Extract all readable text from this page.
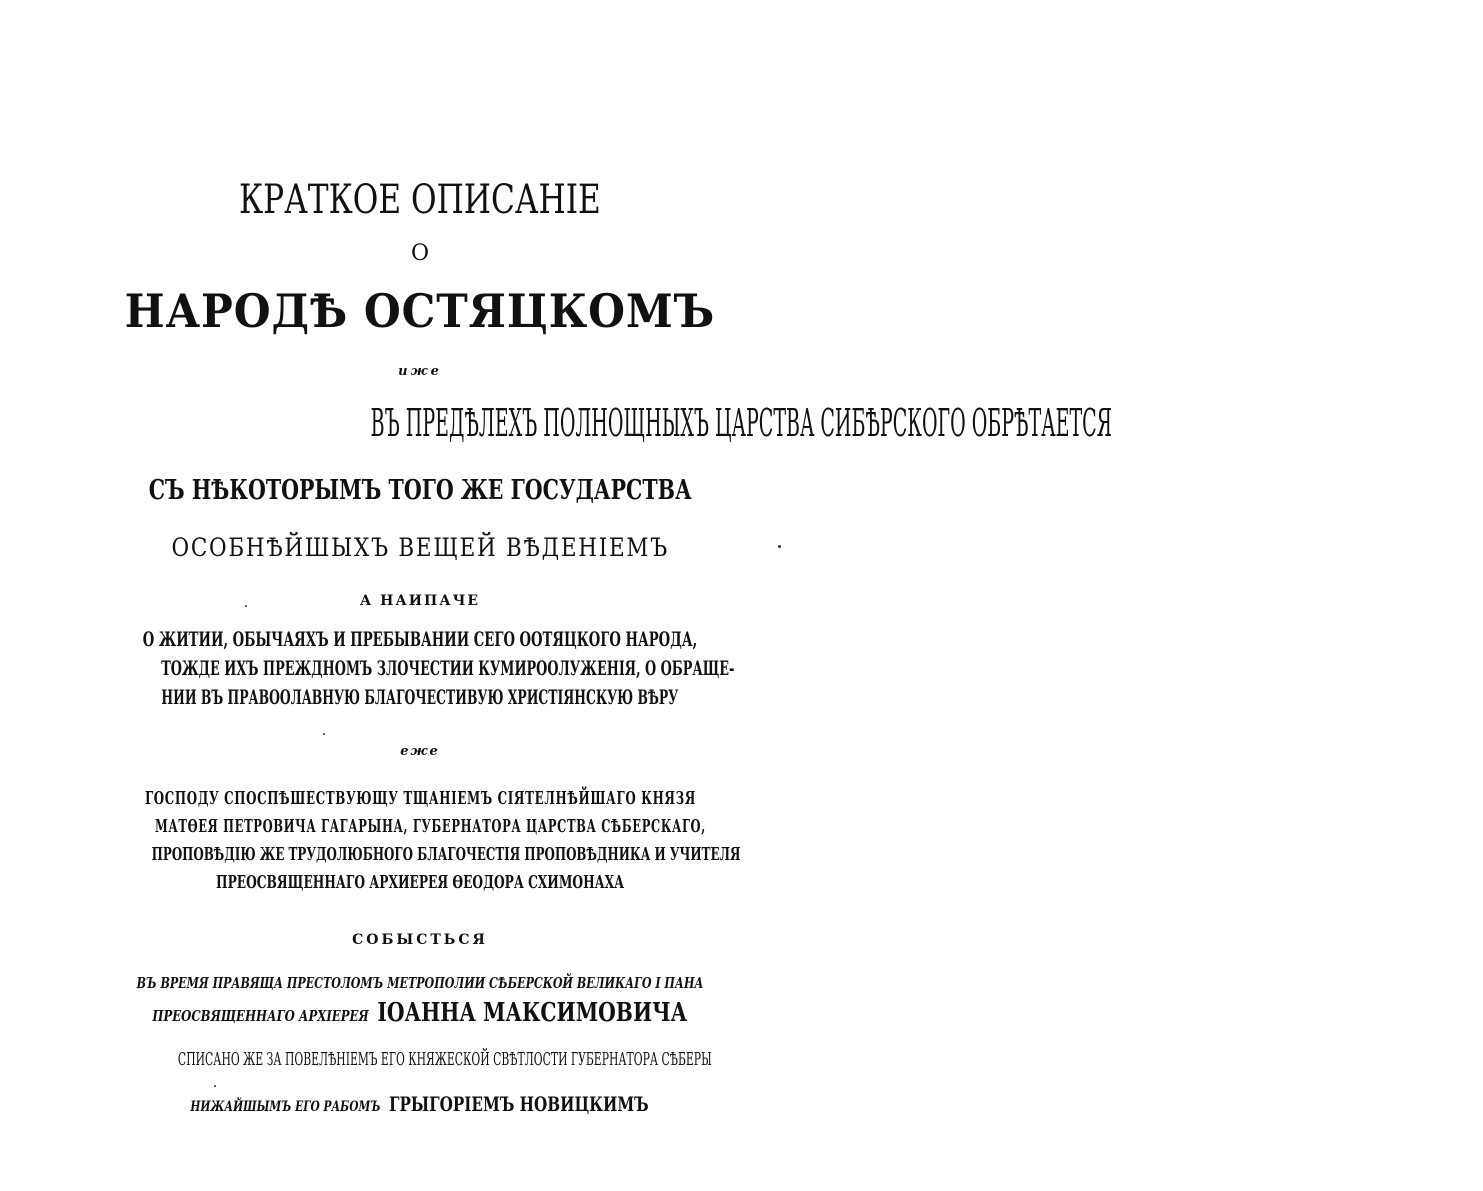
КРАТКОЕ ОПИСАНІЕ
О
НАРОДѢ ОСТЯЦКОМЪ
иже
ВЪ ПРЕДѢЛЕХЪ ПОЛНОЩНЫХЪ ЦАРСТВА СИБѢРСКОГО ОБРѢТАЕТСЯ
СЪ НѢКОТОРЫМЪ ТОГО ЖЕ ГОСУДАРСТВА
ОСОБНѢЙШЫХЪ ВЕЩЕЙ ВѢДЕНІЕМЪ
А НАИПАЧЕ
О ЖИТИИ, ОБЫЧАЯХЪ И ПРЕБЫВАНИИ СЕГО ООТЯЦКОГО НАРОДА,
ТОЖДЕ ИХЪ ПРЕЖДНОМЪ ЗЛОЧЕСТИИ КУМИРООЛУЖЕНІЯ, О ОБРАЩЕ-
НИИ ВЪ ПРАВООЛАВНУЮ БЛАГОЧЕСТИВУЮ ХРИСТІЯНСКУЮ ВѢРУ
еже
ГОСПОДУ СПОСПѢШЕСТВУЮЩУ ТЩАНІЕМЪ СІЯТЕЛНѢЙШАГО КНЯЗЯ
МАТѲЕЯ ПЕТРОВИЧА ГАГАРЫНА, ГУБЕРНАТОРА ЦАРСТВА СѢБЕРСКАГО,
ПРОПОВѢДІЮ ЖЕ ТРУДОЛЮБНОГО БЛАГОЧЕСТІЯ ПРОПОВѢДНИКА И УЧИТЕЛЯ
ПРЕОСВЯЩЕННАГО АРХИЕРЕЯ ѲЕОДОРА СХИМОНАХА
СОБЫСТЬСЯ
ВЪ ВРЕМЯ ПРАВЯЩА ПРЕСТОЛОМЪ МЕТРОПОЛИИ СѢБЕРСКОЙ ВЕЛИКАГО І ПАНА
ПРЕОСВЯЩЕННАГО АРХІЕРЕЯ ІОАННА МАКСИМОВИЧА
СПИСАНО ЖЕ ЗА ПОВЕЛѢНІЕМЪ ЕГО КНЯЖЕСКОЙ СВѢТЛОСТИ ГУБЕРНАТОРА СѢБЕРЫ
НИЖАЙШЫМЪ ЕГО РАБОМЪ ГРЫГОРІЕМЪ НОВИЦКИМЪ
